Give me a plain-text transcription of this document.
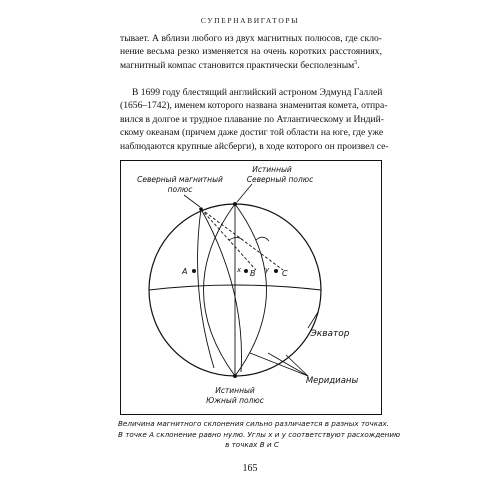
СУПЕРНАВИГАТОРЫ

тывает. А вблизи любого из двух магнитных полюсов, где скло-
нение весьма резко изменяется на очень коротких расстояниях,
магнитный компас становится практически бесполезным$^5$.

В 1699 году блестящий английский астроном Эдмунд Галлей
(1656–1742), именем которого названа знаменитая комета, отпра-
вился в долгое и трудное плавание по Атлантическому и Индий-
скому океанам (причем даже достиг той области на юге, где уже
наблюдаются крупные айсберги), в ходе которого он произвел се-

x	y
A	B	C
Истинный
Северный полюс
Северный магнитный
полюс
Экватор
Меридианы
Истинный
Южный полюс
Величина магнитного склонения сильно различается в разных точках.
В точке A склонение равно нулю. Углы x и y соответствуют расхождению
в точках B и C
165
